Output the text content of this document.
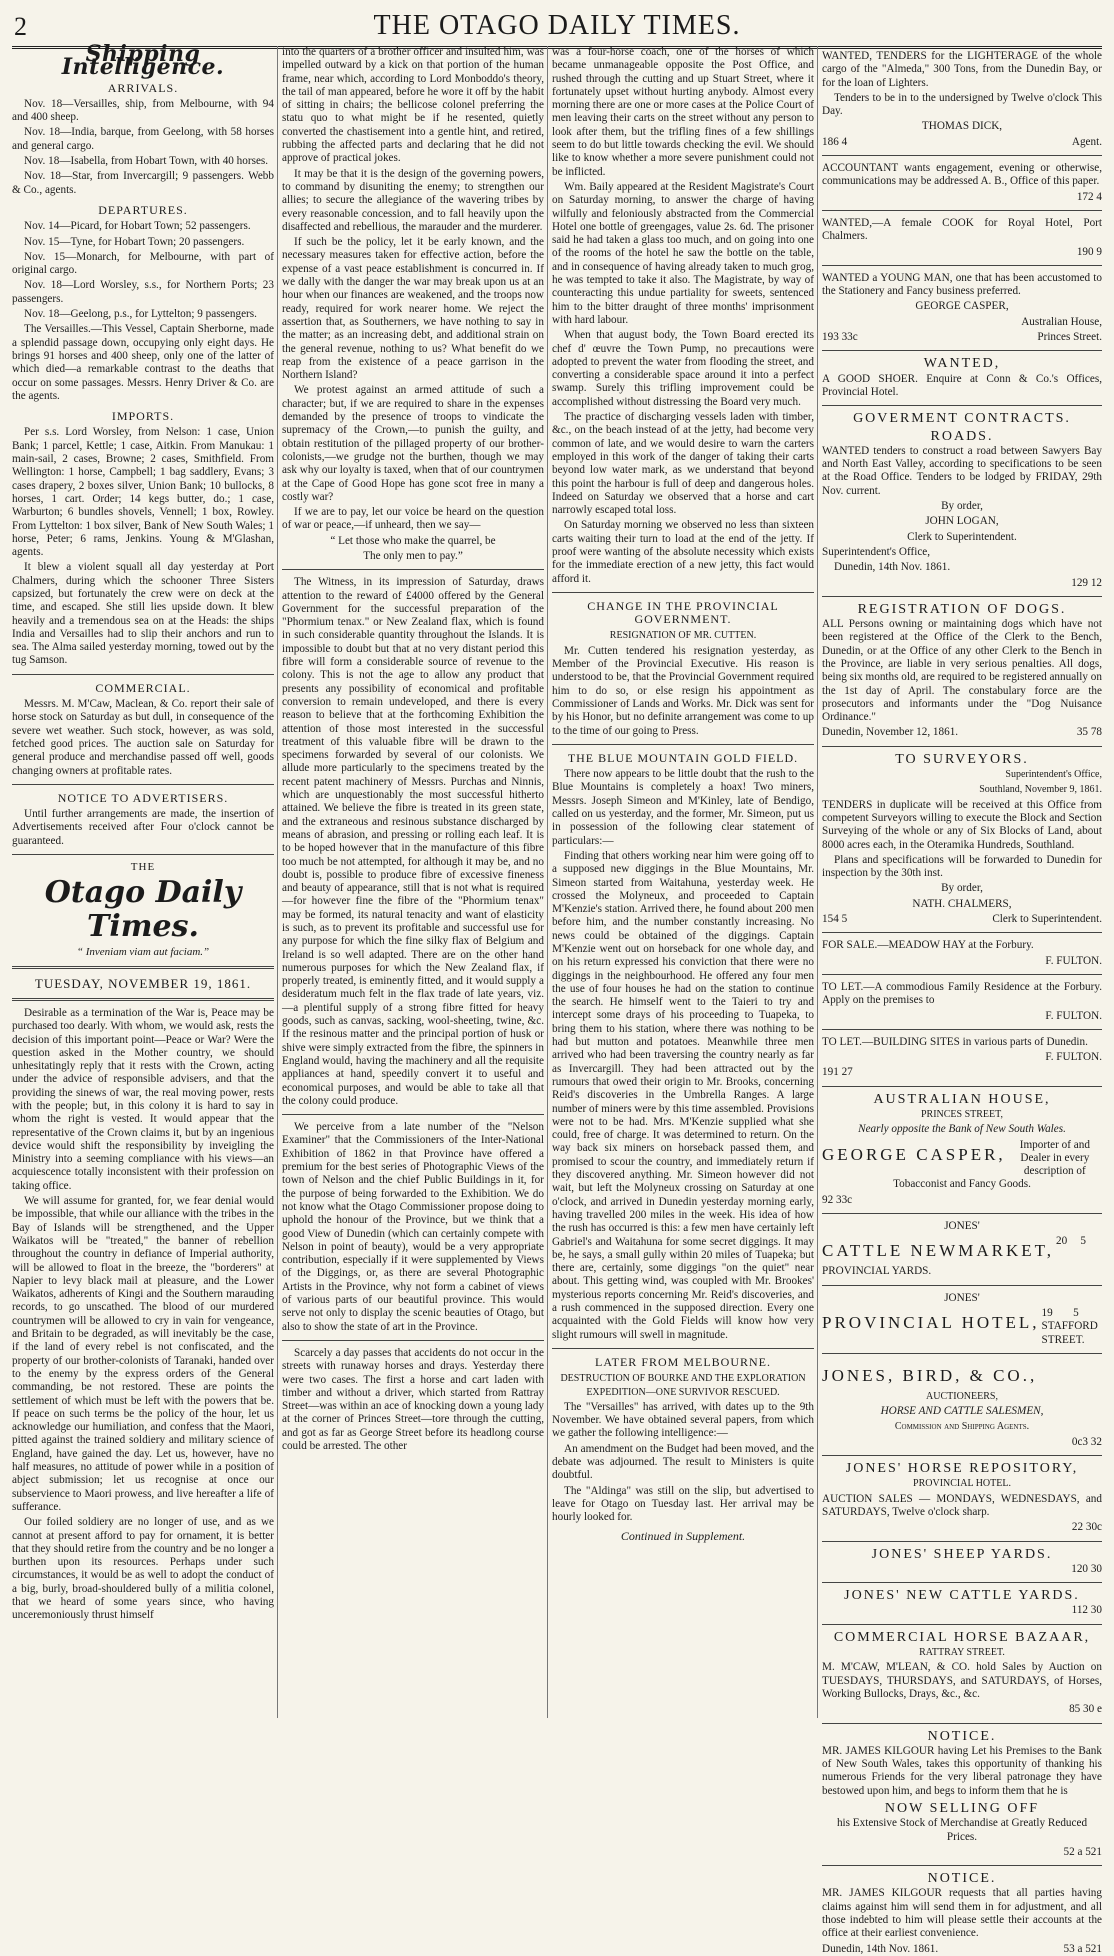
2	THE OTAGO DAILY TIMES.
Shipping Intelligence.
ARRIVALS.

Nov. 18—Versailles, ship, from Melbourne, with 94 and 400 sheep.

Nov. 18—India, barque, from Geelong, with 58 horses and general cargo.

Nov. 18—Isabella, from Hobart Town, with 40 horses.

Nov. 18—Star, from Invercargill; 9 passengers. Webb & Co., agents.

DEPARTURES.

Nov. 14—Picard, for Hobart Town; 52 passengers.

Nov. 15—Tyne, for Hobart Town; 20 passengers.

Nov. 15—Monarch, for Melbourne, with part of original cargo.

Nov. 18—Lord Worsley, s.s., for Northern Ports; 23 passengers.

Nov. 18—Geelong, p.s., for Lyttelton; 9 passengers.

The Versailles.—This Vessel, Captain Sherborne, made a splendid passage down, occupying only eight days. He brings 91 horses and 400 sheep, only one of the latter of which died—a remarkable contrast to the deaths that occur on some passages. Messrs. Henry Driver & Co. are the agents.

IMPORTS.

Per s.s. Lord Worsley, from Nelson: 1 case, Union Bank; 1 parcel, Kettle; 1 case, Aitkin. From Manukau: 1 main-sail, 2 cases, Browne; 2 cases, Smithfield. From Wellington: 1 horse, Campbell; 1 bag saddlery, Evans; 3 cases drapery, 2 boxes silver, Union Bank; 10 bullocks, 8 horses, 1 cart. Order; 14 kegs butter, do.; 1 case, Warburton; 6 bundles shovels, Vennell; 1 box, Rowley. From Lyttelton: 1 box silver, Bank of New South Wales; 1 horse, Peter; 6 rams, Jenkins. Young & M'Glashan, agents.

It blew a violent squall all day yesterday at Port Chalmers, during which the schooner Three Sisters capsized, but fortunately the crew were on deck at the time, and escaped. She still lies upside down. It blew heavily and a tremendous sea on at the Heads: the ships India and Versailles had to slip their anchors and run to sea. The Alma sailed yesterday morning, towed out by the tug Samson.

COMMERCIAL.

Messrs. M. M'Caw, Maclean, & Co. report their sale of horse stock on Saturday as but dull, in consequence of the severe wet weather. Such stock, however, as was sold, fetched good prices. The auction sale on Saturday for general produce and merchandise passed off well, goods changing owners at profitable rates.

NOTICE TO ADVERTISERS.

Until further arrangements are made, the insertion of Advertisements received after Four o'clock cannot be guaranteed.

THE
Otago Daily Times.
“ Inveniam viam aut faciam.”
TUESDAY, NOVEMBER 19, 1861.

Desirable as a termination of the War is, Peace may be purchased too dearly. With whom, we would ask, rests the decision of this important point—Peace or War? Were the question asked in the Mother country, we should unhesitatingly reply that it rests with the Crown, acting under the advice of responsible advisers, and that the providing the sinews of war, the real moving power, rests with the people; but, in this colony it is hard to say in whom the right is vested. It would appear that the representative of the Crown claims it, but by an ingenious device would shift the responsibility by inveigling the Ministry into a seeming compliance with his views—an acquiescence totally inconsistent with their profession on taking office.

We will assume for granted, for, we fear denial would be impossible, that while our alliance with the tribes in the Bay of Islands will be strengthened, and the Upper Waikatos will be "treated," the banner of rebellion throughout the country in defiance of Imperial authority, will be allowed to float in the breeze, the "borderers" at Napier to levy black mail at pleasure, and the Lower Waikatos, adherents of Kingi and the Southern marauding records, to go unscathed. The blood of our murdered countrymen will be allowed to cry in vain for vengeance, and Britain to be degraded, as will inevitably be the case, if the land of every rebel is not confiscated, and the property of our brother-colonists of Taranaki, handed over to the enemy by the express orders of the General commanding, be not restored. These are points the settlement of which must be left with the powers that be. If peace on such terms be the policy of the hour, let us acknowledge our humiliation, and confess that the Maori, pitted against the trained soldiery and military science of England, have gained the day. Let us, however, have no half measures, no attitude of power while in a position of abject submission; let us recognise at once our subservience to Maori prowess, and live hereafter a life of sufferance.

Our foiled soldiery are no longer of use, and as we cannot at present afford to pay for ornament, it is better that they should retire from the country and be no longer a burthen upon its resources. Perhaps under such circumstances, it would be as well to adopt the conduct of a big, burly, broad-shouldered bully of a militia colonel, that we heard of some years since, who having unceremoniously thrust himself

into the quarters of a brother officer and insulted him, was impelled outward by a kick on that portion of the human frame, near which, according to Lord Monboddo's theory, the tail of man appeared, before he wore it off by the habit of sitting in chairs; the bellicose colonel preferring the statu quo to what might be if he resented, quietly converted the chastisement into a gentle hint, and retired, rubbing the affected parts and declaring that he did not approve of practical jokes.

It may be that it is the design of the governing powers, to command by disuniting the enemy; to strengthen our allies; to secure the allegiance of the wavering tribes by every reasonable concession, and to fall heavily upon the disaffected and rebellious, the marauder and the murderer.

If such be the policy, let it be early known, and the necessary measures taken for effective action, before the expense of a vast peace establishment is concurred in. If we dally with the danger the war may break upon us at an hour when our finances are weakened, and the troops now ready, required for work nearer home. We reject the assertion that, as Southerners, we have nothing to say in the matter; as an increasing debt, and additional strain on the general revenue, nothing to us? What benefit do we reap from the existence of a peace garrison in the Northern Island?

We protest against an armed attitude of such a character; but, if we are required to share in the expenses demanded by the presence of troops to vindicate the supremacy of the Crown,—to punish the guilty, and obtain restitution of the pillaged property of our brother-colonists,—we grudge not the burthen, though we may ask why our loyalty is taxed, when that of our countrymen at the Cape of Good Hope has gone scot free in many a costly war?

If we are to pay, let our voice be heard on the question of war or peace,—if unheard, then we say—

“ Let those who make the quarrel, be

The only men to pay.”

The Witness, in its impression of Saturday, draws attention to the reward of £4000 offered by the General Government for the successful preparation of the "Phormium tenax." or New Zealand flax, which is found in such considerable quantity throughout the Islands. It is impossible to doubt but that at no very distant period this fibre will form a considerable source of revenue to the colony. This is not the age to allow any product that presents any possibility of economical and profitable conversion to remain undeveloped, and there is every reason to believe that at the forthcoming Exhibition the attention of those most interested in the successful treatment of this valuable fibre will be drawn to the specimens forwarded by several of our colonists. We allude more particularly to the specimens treated by the recent patent machinery of Messrs. Purchas and Ninnis, which are unquestionably the most successful hitherto attained. We believe the fibre is treated in its green state, and the extraneous and resinous substance discharged by means of abrasion, and pressing or rolling each leaf. It is to be hoped however that in the manufacture of this fibre too much be not attempted, for although it may be, and no doubt is, possible to produce fibre of excessive fineness and beauty of appearance, still that is not what is required—for however fine the fibre of the "Phormium tenax" may be formed, its natural tenacity and want of elasticity is such, as to prevent its profitable and successful use for any purpose for which the fine silky flax of Belgium and Ireland is so well adapted. There are on the other hand numerous purposes for which the New Zealand flax, if properly treated, is eminently fitted, and it would supply a desideratum much felt in the flax trade of late years, viz.—a plentiful supply of a strong fibre fitted for heavy goods, such as canvas, sacking, wool-sheeting, twine, &c. If the resinous matter and the principal portion of husk or shive were simply extracted from the fibre, the spinners in England would, having the machinery and all the requisite appliances at hand, speedily convert it to useful and economical purposes, and would be able to take all that the colony could produce.

We perceive from a late number of the "Nelson Examiner" that the Commissioners of the Inter-National Exhibition of 1862 in that Province have offered a premium for the best series of Photographic Views of the town of Nelson and the chief Public Buildings in it, for the purpose of being forwarded to the Exhibition. We do not know what the Otago Commissioner propose doing to uphold the honour of the Province, but we think that a good View of Dunedin (which can certainly compete with Nelson in point of beauty), would be a very appropriate contribution, especially if it were supplemented by Views of the Diggings, or, as there are several Photographic Artists in the Province, why not form a cabinet of views of various parts of our beautiful province. This would serve not only to display the scenic beauties of Otago, but also to show the state of art in the Province.

Scarcely a day passes that accidents do not occur in the streets with runaway horses and drays. Yesterday there were two cases. The first a horse and cart laden with timber and without a driver, which started from Rattray Street—was within an ace of knocking down a young lady at the corner of Princes Street—tore through the cutting, and got as far as George Street before its headlong course could be arrested. The other

was a four-horse coach, one of the horses of which became unmanageable opposite the Post Office, and rushed through the cutting and up Stuart Street, where it fortunately upset without hurting anybody. Almost every morning there are one or more cases at the Police Court of men leaving their carts on the street without any person to look after them, but the trifling fines of a few shillings seem to do but little towards checking the evil. We should like to know whether a more severe punishment could not be inflicted.

Wm. Baily appeared at the Resident Magistrate's Court on Saturday morning, to answer the charge of having wilfully and feloniously abstracted from the Commercial Hotel one bottle of greengages, value 2s. 6d. The prisoner said he had taken a glass too much, and on going into one of the rooms of the hotel he saw the bottle on the table, and in consequence of having already taken to much grog, he was tempted to take it also. The Magistrate, by way of counteracting this undue partiality for sweets, sentenced him to the bitter draught of three months' imprisonment with hard labour.

When that august body, the Town Board erected its chef d' œuvre the Town Pump, no precautions were adopted to prevent the water from flooding the street, and converting a considerable space around it into a perfect swamp. Surely this trifling improvement could be accomplished without distressing the Board very much.

The practice of discharging vessels laden with timber, &c., on the beach instead of at the jetty, had become very common of late, and we would desire to warn the carters employed in this work of the danger of taking their carts beyond low water mark, as we understand that beyond this point the harbour is full of deep and dangerous holes. Indeed on Saturday we observed that a horse and cart narrowly escaped total loss.

On Saturday morning we observed no less than sixteen carts waiting their turn to load at the end of the jetty. If proof were wanting of the absolute necessity which exists for the immediate erection of a new jetty, this fact would afford it.

CHANGE IN THE PROVINCIAL GOVERNMENT.

RESIGNATION OF MR. CUTTEN.

Mr. Cutten tendered his resignation yesterday, as Member of the Provincial Executive. His reason is understood to be, that the Provincial Government required him to do so, or else resign his appointment as Commissioner of Lands and Works. Mr. Dick was sent for by his Honor, but no definite arrangement was come to up to the time of our going to Press.

THE BLUE MOUNTAIN GOLD FIELD.

There now appears to be little doubt that the rush to the Blue Mountains is completely a hoax! Two miners, Messrs. Joseph Simeon and M'Kinley, late of Bendigo, called on us yesterday, and the former, Mr. Simeon, put us in possession of the following clear statement of particulars:—

Finding that others working near him were going off to a supposed new diggings in the Blue Mountains, Mr. Simeon started from Waitahuna, yesterday week. He crossed the Molyneux, and proceeded to Captain M'Kenzie's station. Arrived there, he found about 200 men before him, and the number constantly increasing. No news could be obtained of the diggings. Captain M'Kenzie went out on horseback for one whole day, and on his return expressed his conviction that there were no diggings in the neighbourhood. He offered any four men the use of four houses he had on the station to continue the search. He himself went to the Taieri to try and intercept some drays of his proceeding to Tuapeka, to bring them to his station, where there was nothing to be had but mutton and potatoes. Meanwhile three men arrived who had been traversing the country nearly as far as Invercargill. They had been attracted out by the rumours that owed their origin to Mr. Brooks, concerning Reid's discoveries in the Umbrella Ranges. A large number of miners were by this time assembled. Provisions were not to be had. Mrs. M'Kenzie supplied what she could, free of charge. It was determined to return. On the way back six miners on horseback passed them, and promised to scour the country, and immediately return if they discovered anything. Mr. Simeon however did not wait, but left the Molyneux crossing on Saturday at one o'clock, and arrived in Dunedin yesterday morning early, having travelled 200 miles in the week. His idea of how the rush has occurred is this: a few men have certainly left Gabriel's and Waitahuna for some secret diggings. It may be, he says, a small gully within 20 miles of Tuapeka; but there are, certainly, some diggings "on the quiet" near about. This getting wind, was coupled with Mr. Brookes' mysterious reports concerning Mr. Reid's discoveries, and a rush commenced in the supposed direction. Every one acquainted with the Gold Fields will know how very slight rumours will swell in magnitude.

LATER FROM MELBOURNE.

DESTRUCTION OF BOURKE AND THE EXPLORATION EXPEDITION—ONE SURVIVOR RESCUED.

The "Versailles" has arrived, with dates up to the 9th November. We have obtained several papers, from which we gather the following intelligence:—

An amendment on the Budget had been moved, and the debate was adjourned. The result to Ministers is quite doubtful.

The "Aldinga" was still on the slip, but advertised to leave for Otago on Tuesday last. Her arrival may be hourly looked for.

Continued in Supplement.

WANTED, TENDERS for the LIGHTERAGE of the whole cargo of the "Almeda," 300 Tons, from the Dunedin Bay, or for the loan of Lighters.

Tenders to be in to the undersigned by Twelve o'clock This Day.

THOMAS DICK,

186 4	Agent.

ACCOUNTANT wants engagement, evening or otherwise, communications may be addressed A. B., Office of this paper.

172 4

WANTED,—A female COOK for Royal Hotel, Port Chalmers.

190 9

WANTED a YOUNG MAN, one that has been accustomed to the Stationery and Fancy business preferred.

GEORGE CASPER,

Australian House,

193 33c	Princes Street.

WANTED,

A GOOD SHOER. Enquire at Conn & Co.'s Offices, Provincial Hotel.

GOVERMENT CONTRACTS.
ROADS.

WANTED tenders to construct a road between Sawyers Bay and North East Valley, according to specifications to be seen at the Road Office. Tenders to be lodged by FRIDAY, 29th Nov. current.

By order,

JOHN LOGAN,

Clerk to Superintendent.

Superintendent's Office,

Dunedin, 14th Nov. 1861.

129 12

REGISTRATION OF DOGS.

ALL Persons owning or maintaining dogs which have not been registered at the Office of the Clerk to the Bench, Dunedin, or at the Office of any other Clerk to the Bench in the Province, are liable in very serious penalties. All dogs, being six months old, are required to be registered annually on the 1st day of April. The constabulary force are the prosecutors and informants under the "Dog Nuisance Ordinance."

Dunedin, November 12, 1861.	35 78

TO SURVEYORS.

Superintendent's Office,

Southland, November 9, 1861.

TENDERS in duplicate will be received at this Office from competent Surveyors willing to execute the Block and Section Surveying of the whole or any of Six Blocks of Land, about 8000 acres each, in the Oteramika Hundreds, Southland.

Plans and specifications will be forwarded to Dunedin for inspection by the 30th inst.

By order,

NATH. CHALMERS,

154 5	Clerk to Superintendent.

FOR SALE.—MEADOW HAY at the Forbury.

F. FULTON.

TO LET.—A commodious Family Residence at the Forbury. Apply on the premises to

F. FULTON.

TO LET.—BUILDING SITES in various parts of Dunedin.

F. FULTON.

191 27

AUSTRALIAN HOUSE,

PRINCES STREET,

Nearly opposite the Bank of New South Wales.

GEORGE CASPER,	Importer of and Dealer in every description of Tobacconist and Fancy Goods.

92 33c

JONES'

CATTLE NEWMARKET, 20 5   PROVINCIAL YARDS.

JONES'

PROVINCIAL HOTEL, 19 5   STAFFORD STREET.

JONES, BIRD, & CO.,

AUCTIONEERS,

HORSE AND CATTLE SALESMEN,

Commission and Shipping Agents.

0c3 32

JONES' HORSE REPOSITORY,

PROVINCIAL HOTEL.

AUCTION SALES — MONDAYS, WEDNESDAYS, and SATURDAYS, Twelve o'clock sharp.

22 30c

JONES' SHEEP YARDS.

120 30

JONES' NEW CATTLE YARDS.

112 30

COMMERCIAL HORSE BAZAAR,

RATTRAY STREET.

M. M'CAW, M'LEAN, & CO. hold Sales by Auction on TUESDAYS, THURSDAYS, and SATURDAYS, of Horses, Working Bullocks, Drays, &c., &c.

85 30 e

NOTICE.

MR. JAMES KILGOUR having Let his Premises to the Bank of New South Wales, takes this opportunity of thanking his numerous Friends for the very liberal patronage they have bestowed upon him, and begs to inform them that he is

NOW SELLING OFF

his Extensive Stock of Merchandise at Greatly Reduced Prices.

52 a 521

NOTICE.

MR. JAMES KILGOUR requests that all parties having claims against him will send them in for adjustment, and all those indebted to him will please settle their accounts at the office at their earliest convenience.

Dunedin, 14th Nov. 1861.	53 a 521
